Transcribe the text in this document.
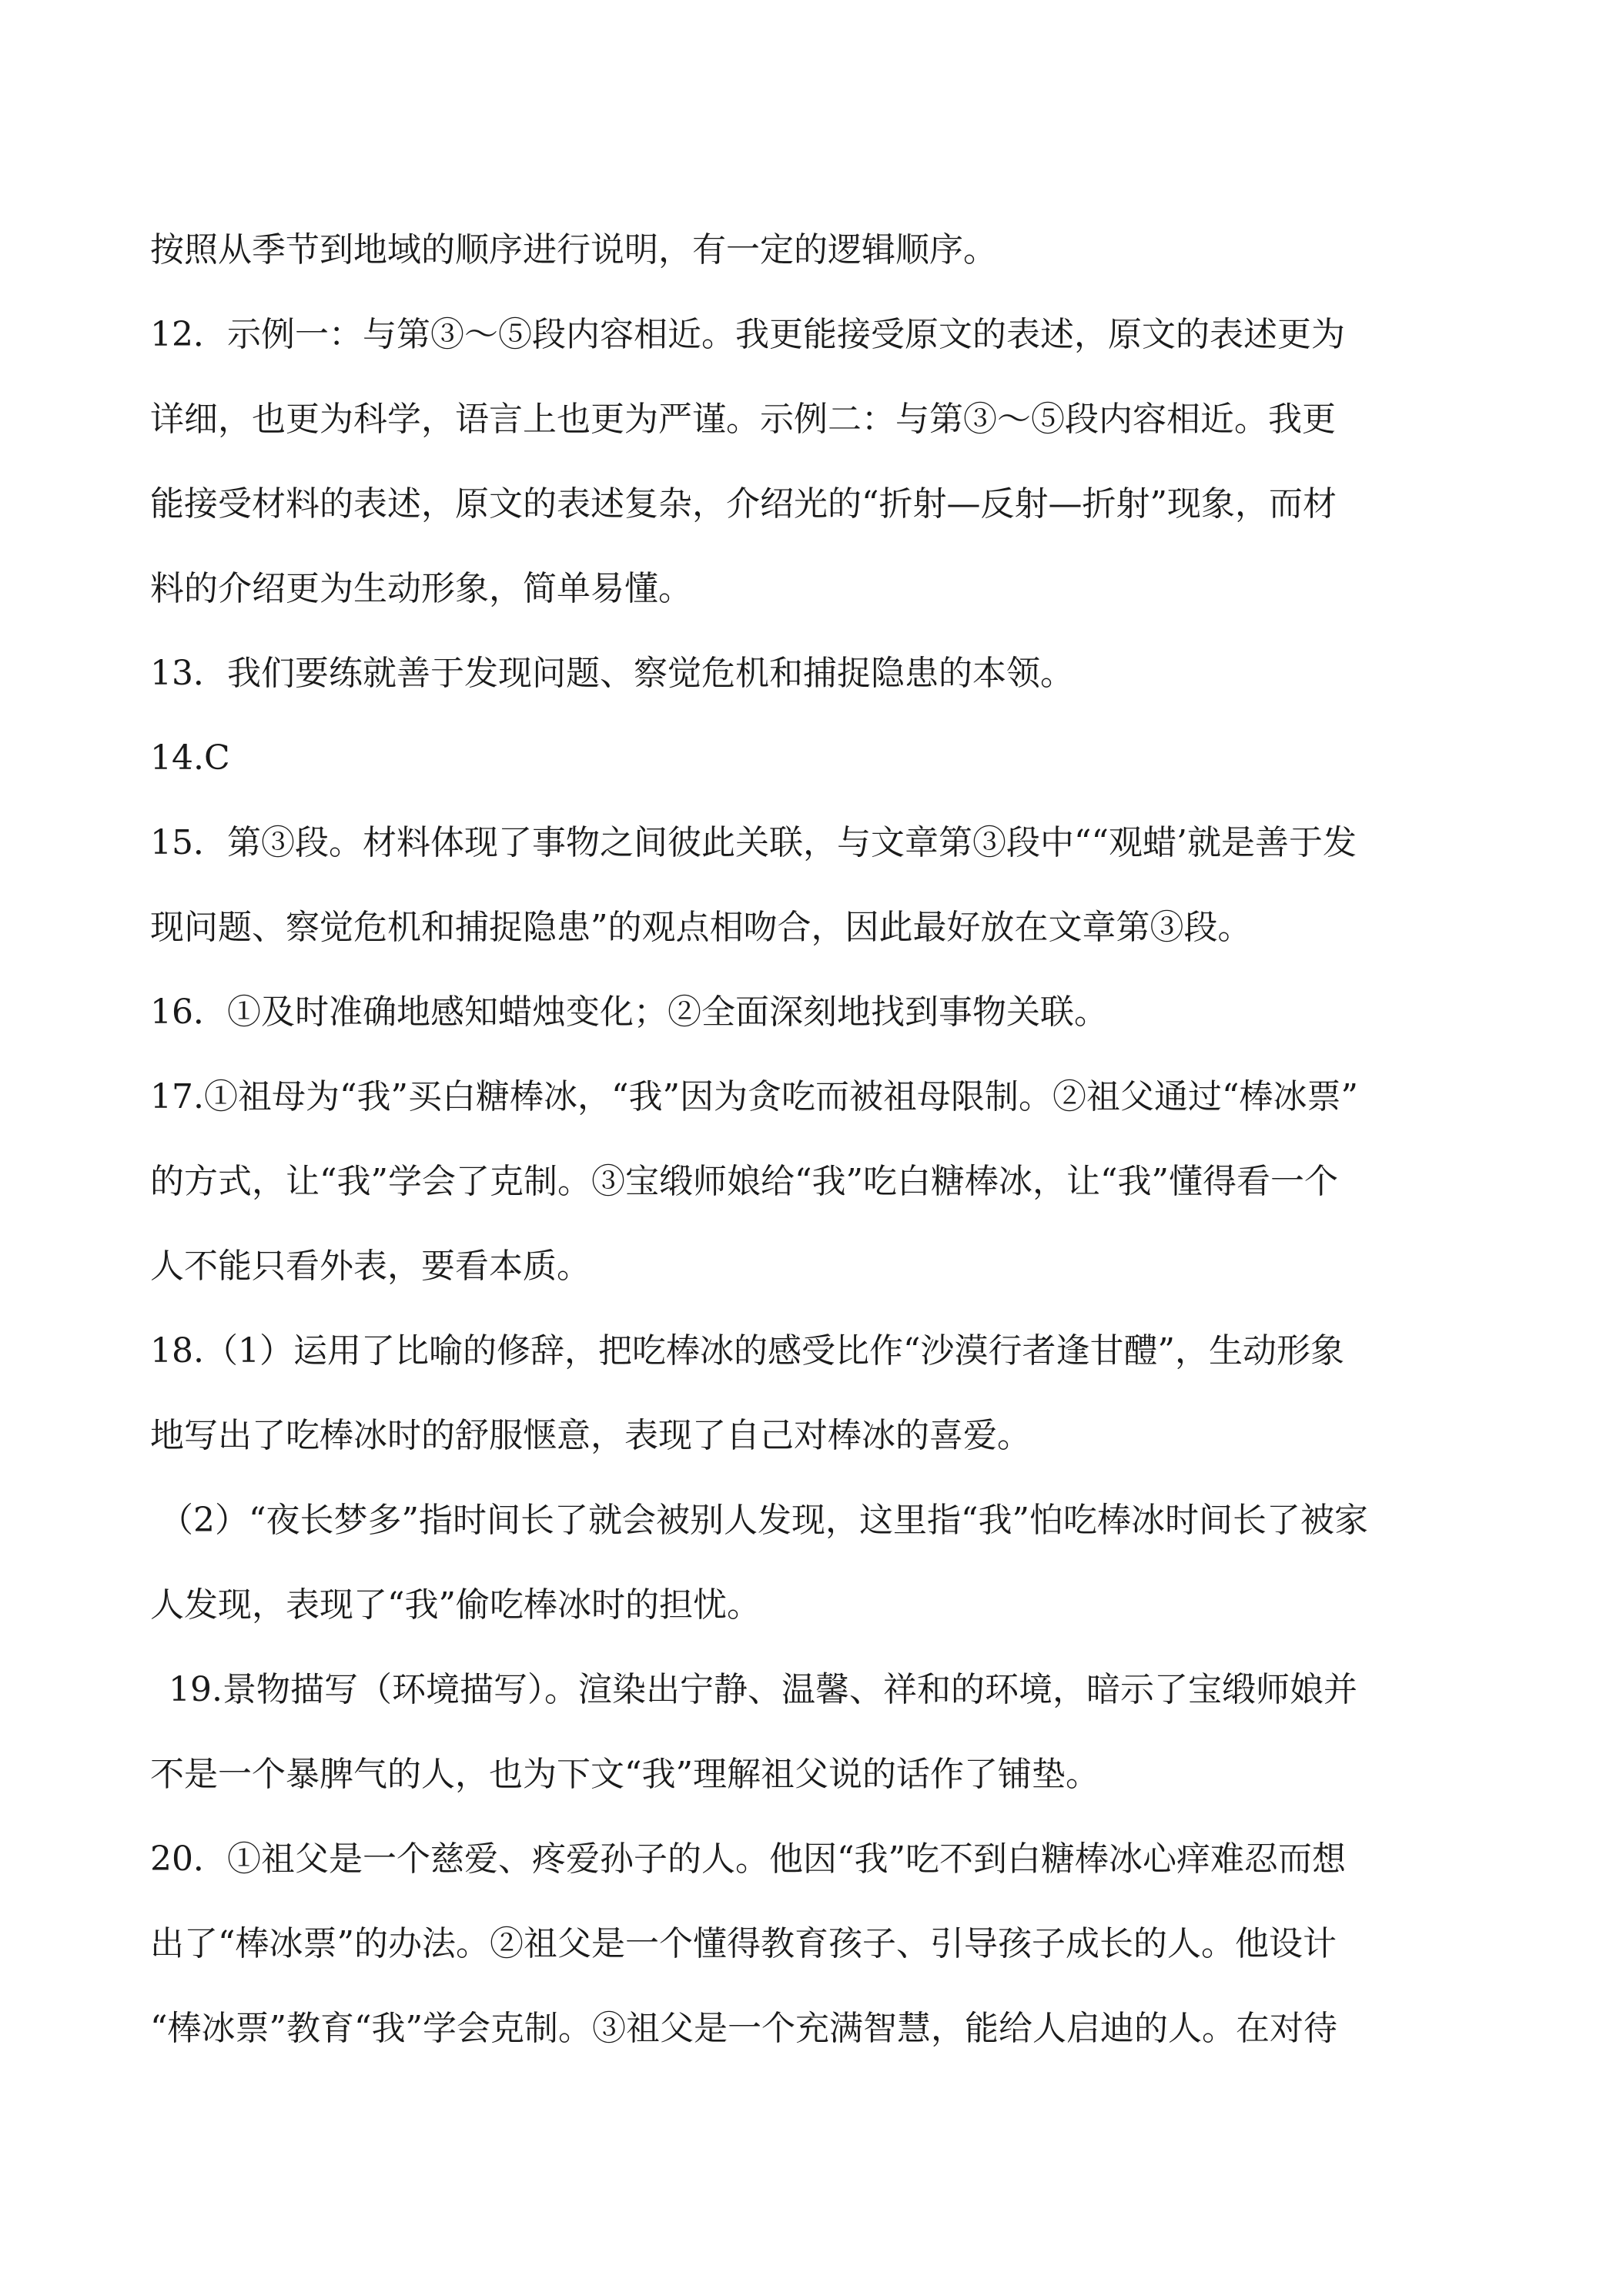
按照从季节到地域的顺序进行说明，有一定的逻辑顺序。
12．示例一：与第③～⑤段内容相近。我更能接受原文的表述，原文的表述更为
详细，也更为科学，语言上也更为严谨。示例二：与第③～⑤段内容相近。我更
能接受材料的表述，原文的表述复杂，介绍光的“折射—反射—折射”现象，而材
料的介绍更为生动形象，简单易懂。
13．我们要练就善于发现问题、察觉危机和捕捉隐患的本领。
14.C
15．第③段。材料体现了事物之间彼此关联，与文章第③段中““观蜡’就是善于发
现问题、察觉危机和捕捉隐患”的观点相吻合，因此最好放在文章第③段。
16．①及时准确地感知蜡烛变化；②全面深刻地找到事物关联。
17.①祖母为“我”买白糖棒冰，“我”因为贪吃而被祖母限制。②祖父通过“棒冰票”
的方式，让“我”学会了克制。③宝缎师娘给“我”吃白糖棒冰，让“我”懂得看一个
人不能只看外表，要看本质。
18.（1）运用了比喻的修辞，把吃棒冰的感受比作“沙漠行者逢甘醴”，生动形象
地写出了吃棒冰时的舒服惬意，表现了自己对棒冰的喜爱。
（2）“夜长梦多”指时间长了就会被别人发现，这里指“我”怕吃棒冰时间长了被家
人发现，表现了“我”偷吃棒冰时的担忧。
19.景物描写（环境描写）。渲染出宁静、温馨、祥和的环境，暗示了宝缎师娘并
不是一个暴脾气的人，也为下文“我”理解祖父说的话作了铺垫。
20．①祖父是一个慈爱、疼爱孙子的人。他因“我”吃不到白糖棒冰心痒难忍而想
出了“棒冰票”的办法。②祖父是一个懂得教育孩子、引导孩子成长的人。他设计
“棒冰票”教育“我”学会克制。③祖父是一个充满智慧，能给人启迪的人。在对待
